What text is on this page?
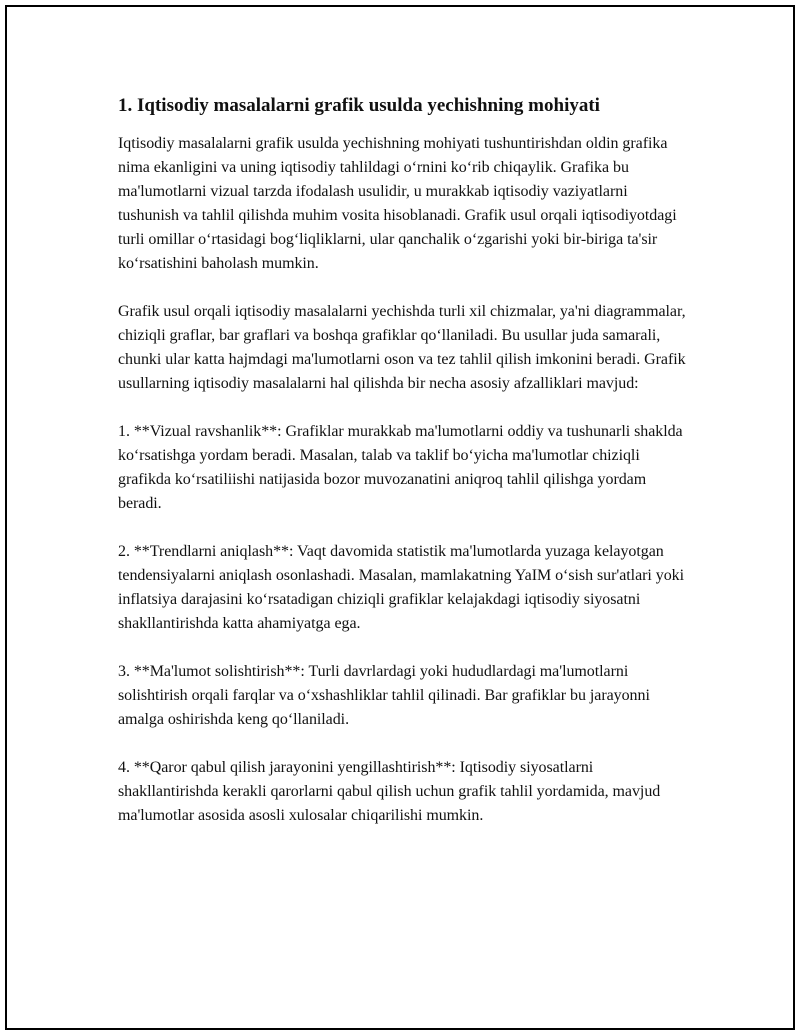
1. Iqtisodiy masalalarni grafik usulda yechishning mohiyati

Iqtisodiy masalalarni grafik usulda yechishning mohiyati tushuntirishdan oldin grafika nima ekanligini va uning iqtisodiy tahlildagi o‘rnini ko‘rib chiqaylik. Grafika bu ma'lumotlarni vizual tarzda ifodalash usulidir, u murakkab iqtisodiy vaziyatlarni tushunish va tahlil qilishda muhim vosita hisoblanadi. Grafik usul orqali iqtisodiyotdagi turli omillar o‘rtasidagi bog‘liqliklarni, ular qanchalik o‘zgarishi yoki bir-biriga ta'sir ko‘rsatishini baholash mumkin.

Grafik usul orqali iqtisodiy masalalarni yechishda turli xil chizmalar, ya'ni diagrammalar, chiziqli graflar, bar graflari va boshqa grafiklar qo‘llaniladi. Bu usullar juda samarali, chunki ular katta hajmdagi ma'lumotlarni oson va tez tahlil qilish imkonini beradi. Grafik usullarning iqtisodiy masalalarni hal qilishda bir necha asosiy afzalliklari mavjud:

1. **Vizual ravshanlik**: Grafiklar murakkab ma'lumotlarni oddiy va tushunarli shaklda ko‘rsatishga yordam beradi. Masalan, talab va taklif bo‘yicha ma'lumotlar chiziqli grafikda ko‘rsatiliishi natijasida bozor muvozanatini aniqroq tahlil qilishga yordam beradi.

2. **Trendlarni aniqlash**: Vaqt davomida statistik ma'lumotlarda yuzaga kelayotgan tendensiyalarni aniqlash osonlashadi. Masalan, mamlakatning YaIM o‘sish sur'atlari yoki inflatsiya darajasini ko‘rsatadigan chiziqli grafiklar kelajakdagi iqtisodiy siyosatni shakllantirishda katta ahamiyatga ega.

3. **Ma'lumot solishtirish**: Turli davrlardagi yoki hududlardagi ma'lumotlarni solishtirish orqali farqlar va o‘xshashliklar tahlil qilinadi. Bar grafiklar bu jarayonni amalga oshirishda keng qo‘llaniladi.

4. **Qaror qabul qilish jarayonini yengillashtirish**: Iqtisodiy siyosatlarni shakllantirishda kerakli qarorlarni qabul qilish uchun grafik tahlil yordamida, mavjud ma'lumotlar asosida asosli xulosalar chiqarilishi mumkin.
